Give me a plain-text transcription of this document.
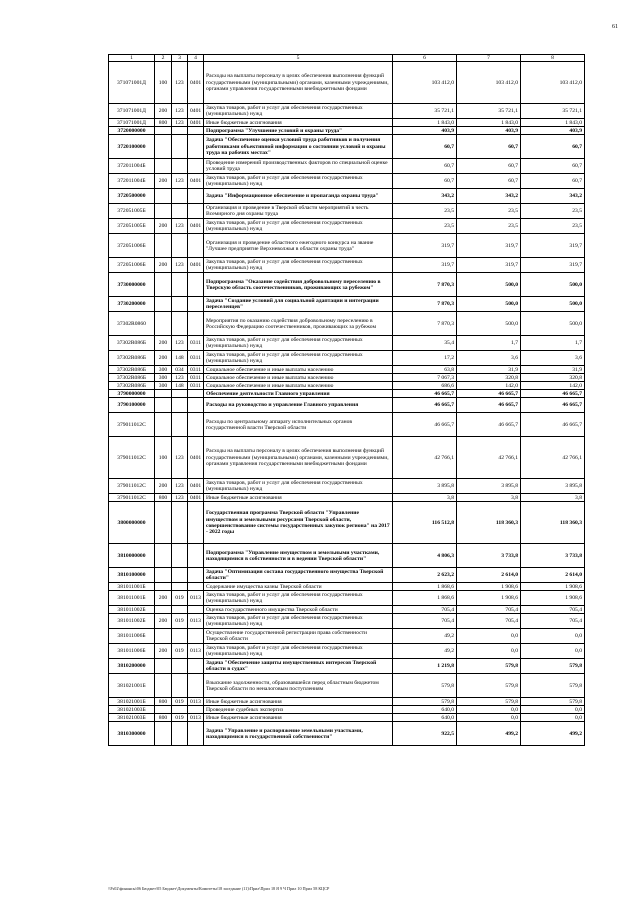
61
1	2	3	4	5	6	7	8
371071001Д	100	123	0401	Расходы на выплаты персоналу в целях обеспечения выполнения функций государственными (муниципальными) органами, казенными учреждениями, органами управления государственными внебюджетными фондами	103 412,0	103 412,0	103 412,0
371071001Д	200	123	0401	Закупка товаров, работ и услуг для обеспечения государственных (муниципальных) нужд	35 721,1	35 721,1	35 721,1
371071001Д	800	123	0401	Иные бюджетные ассигнования	1 843,0	1 843,0	1 843,0
3720000000				Подпрограмма "Улучшение условий и охраны труда"	403,9	403,9	403,9
3720100000				Задача "Обеспечение оценки условий труда работников и получения работниками объективной информации о состоянии условий и охраны труда на рабочих местах"	60,7	60,7	60,7
372011004Б				Проведение измерений производственных факторов по специальной оценке условий труда	60,7	60,7	60,7
372011004Б	200	123	0401	Закупка товаров, работ и услуг для обеспечения государственных (муниципальных) нужд	60,7	60,7	60,7
3720500000				Задача "Информационное обеспечение и пропаганда охраны труда"	343,2	343,2	343,2
372051005Б				Организация и проведение в Тверской области мероприятий в честь Всемирного дня охраны труда	23,5	23,5	23,5
372051005Б	200	123	0401	Закупка товаров, работ и услуг для обеспечения государственных (муниципальных) нужд	23,5	23,5	23,5
372051006Б				Организация и проведение областного ежегодного конкурса на звание "Лучшее предприятие Верхневолжья в области охраны труда"	319,7	319,7	319,7
372051006Б	200	123	0401	Закупка товаров, работ и услуг для обеспечения государственных (муниципальных) нужд	319,7	319,7	319,7
3730000000				Подпрограмма "Оказание содействия добровольному переселению в Тверскую область соотечественников, проживающих за рубежом"	7 870,3	500,0	500,0
3730200000				Задача "Создание условий для социальной адаптации и интеграции переселенцев"	7 870,3	500,0	500,0
37302R0860				Мероприятия по оказанию содействия добровольному переселению в Российскую Федерацию соотечественников, проживающих за рубежом	7 870,3	500,0	500,0
37302R086Б	200	123	0311	Закупка товаров, работ и услуг для обеспечения государственных (муниципальных) нужд	35,4	1,7	1,7
37302R086Б	200	148	0311	Закупка товаров, работ и услуг для обеспечения государственных (муниципальных) нужд	17,2	3,6	3,6
37302R086Б	300	034	0311	Социальное обеспечение и иные выплаты населению	63,8	31,9	31,9
37302R086Б	300	123	0311	Социальное обеспечение и иные выплаты населению	7 067,3	320,8	320,8
37302R086Б	300	148	0311	Социальное обеспечение и иные выплаты населению	686,6	142,0	142,0
3790000000				Обеспечение деятельности Главного управления	46 665,7	46 665,7	46 665,7
3790100000				Расходы на руководство и управление Главного управления	46 665,7	46 665,7	46 665,7
379011012С				Расходы по центральному аппарату исполнительных органов государственной власти Тверской области	46 665,7	46 665,7	46 665,7
379011012С	100	123	0401	Расходы на выплаты персоналу в целях обеспечения выполнения функций государственными (муниципальными) органами, казенными учреждениями, органами управления государственными внебюджетными фондами	42 766,1	42 766,1	42 766,1
379011012С	200	123	0401	Закупка товаров, работ и услуг для обеспечения государственных (муниципальных) нужд	3 895,8	3 895,8	3 895,8
379011012С	800	123	0401	Иные бюджетные ассигнования	3,8	3,8	3,8
3800000000				Государственная программа Тверской области "Управление имуществом и земельными ресурсами Тверской области, совершенствование системы государственных закупок региона" на 2017 - 2022 годы	116 512,8	118 360,3	118 360,3
3810000000				Подпрограмма "Управление имуществом и земельными участками, находящимися в собственности и в ведении Тверской области"	4 806,3	3 733,8	3 733,8
3810100000				Задача "Оптимизация состава государственного имущества Тверской области"	2 623,2	2 614,0	2 614,0
381011001Б				Содержание имущества казны Тверской области	1 868,6	1 908,6	1 908,6
381011001Б	200	019	0113	Закупка товаров, работ и услуг для обеспечения государственных (муниципальных) нужд	1 868,6	1 908,6	1 908,6
381011002Б				Оценка государственного имущества Тверской области	705,4	705,4	705,4
381011002Б	200	019	0113	Закупка товаров, работ и услуг для обеспечения государственных (муниципальных) нужд	705,4	705,4	705,4
381011006Б				Осуществление государственной регистрации права собственности Тверской области	49,2	0,0	0,0
381011006Б	200	019	0113	Закупка товаров, работ и услуг для обеспечения государственных (муниципальных) нужд	49,2	0,0	0,0
3810200000				Задача "Обеспечение защиты имущественных интересов Тверской области в судах"	1 219,8	579,8	579,8
381021001Б				Взыскание задолженности, образовавшейся перед областным бюджетом Тверской области по неналоговым поступлениям	579,8	579,8	579,8
381021001Б	800	019	0113	Иные бюджетные ассигнования	579,8	579,8	579,8
381021003Б				Проведение судебных экспертиз	640,0	0,0	0,0
381021003Б	800	019	0113	Иные бюджетные ассигнования	640,0	0,0	0,0
3810300000				Задача "Управление и распоряжение земельными участками, находящимися в государственной собственности"	922,5	499,2	499,2
\\Fs02\финансы\06 Бюджет\05 Бюджет\Документы\Комитеты\18 заседание (11)\Прил\Прил 18 Я 9 Ч Прил 10 Прил 58 КЦСР
